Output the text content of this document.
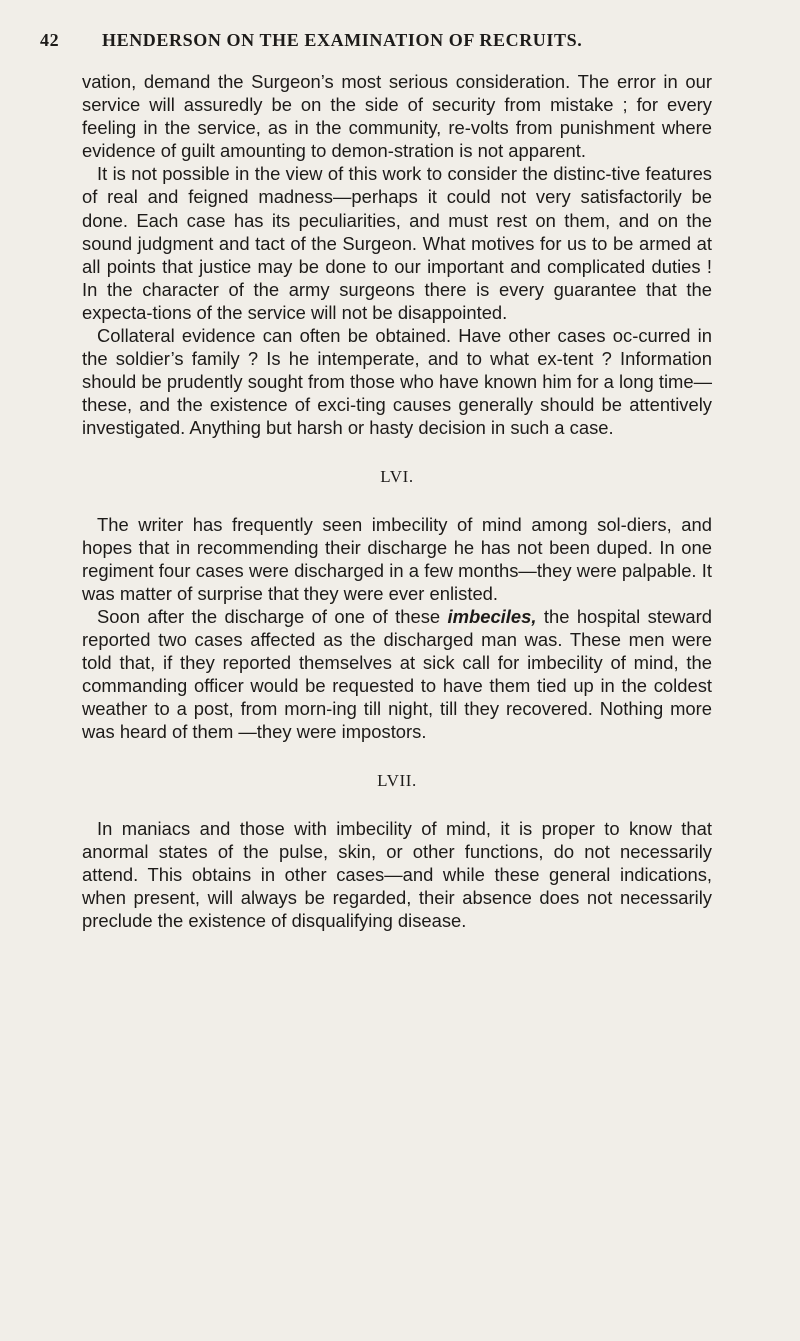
42 HENDERSON ON THE EXAMINATION OF RECRUITS.

vation, demand the Surgeon’s most serious consideration. The error in our service will assuredly be on the side of security from mistake ; for every feeling in the service, as in the community, re-volts from punishment where evidence of guilt amounting to demon-stration is not apparent.

It is not possible in the view of this work to consider the distinc-tive features of real and feigned madness—perhaps it could not very satisfactorily be done. Each case has its peculiarities, and must rest on them, and on the sound judgment and tact of the Surgeon. What motives for us to be armed at all points that justice may be done to our important and complicated duties ! In the character of the army surgeons there is every guarantee that the expecta-tions of the service will not be disappointed.

Collateral evidence can often be obtained. Have other cases oc-curred in the soldier’s family ? Is he intemperate, and to what ex-tent ? Information should be prudently sought from those who have known him for a long time—these, and the existence of exci-ting causes generally should be attentively investigated. Anything but harsh or hasty decision in such a case.

LVI.

The writer has frequently seen imbecility of mind among sol-diers, and hopes that in recommending their discharge he has not been duped. In one regiment four cases were discharged in a few months—they were palpable. It was matter of surprise that they were ever enlisted.

Soon after the discharge of one of these imbeciles, the hospital steward reported two cases affected as the discharged man was. These men were told that, if they reported themselves at sick call for imbecility of mind, the commanding officer would be requested to have them tied up in the coldest weather to a post, from morn-ing till night, till they recovered. Nothing more was heard of them —they were impostors.

LVII.

In maniacs and those with imbecility of mind, it is proper to know that anormal states of the pulse, skin, or other functions, do not necessarily attend. This obtains in other cases—and while these general indications, when present, will always be regarded, their absence does not necessarily preclude the existence of disqualifying disease.
